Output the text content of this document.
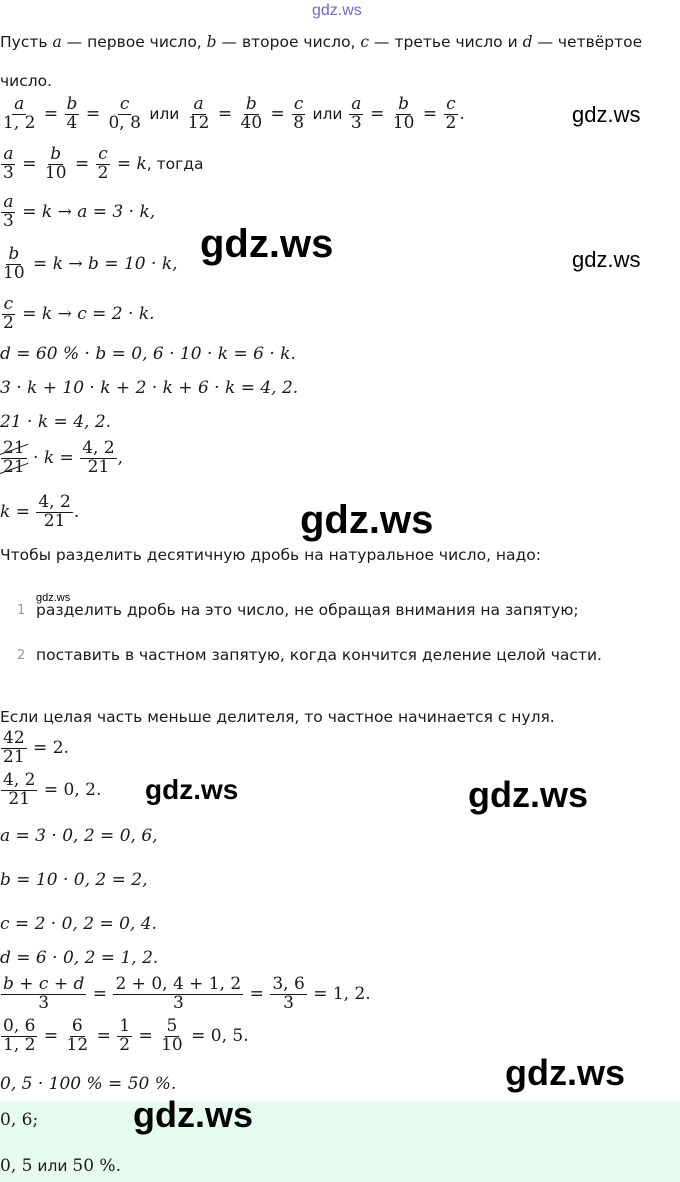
gdz.ws
Пусть a — первое число, b — второе число, c — третье число и d — четвёртое
число.
$\frac{a}{1, 2} = \frac{b}{4} = \frac{c}{0, 8}$ или $\frac{a}{12} = \frac{b}{40} = \frac{c}{8}$ или $\frac{a}{3} = \frac{b}{10} = \frac{c}{2}$ .	gdz.ws
$\frac{a}{3} = \frac{b}{10} = \frac{c}{2} = k$, тогда
$\frac{a}{3} = k \to a = 3 \cdot k$,
gdz.ws	gdz.ws
$\frac{b}{10} = k \to b = 10 \cdot k$,
$\frac{c}{2} = k \to c = 2 \cdot k$.
d = 60 % · b = 0, 6 · 10 · k = 6 · k.
3 · k + 10 · k + 2 · k + 6 · k = 4, 2.
21 · k = 4, 2.
$\frac{21}{21} \cdot k = \frac{4, 2}{21}$ ,
$k = \frac{4, 2}{21}$ .	gdz.ws
Чтобы разделить десятичную дробь на натуральное число, надо:
gdz.ws
1 разделить дробь на это число, не обращая внимания на запятую;
2 поставить в частном запятую, когда кончится деление целой части.
Если целая часть меньше делителя, то частное начинается с нуля.
$\frac{42}{21} = 2$.
$\frac{4, 2}{21} = 0$, 2. gdz.ws	gdz.ws
a = 3 · 0, 2 = 0, 6,
b = 10 · 0, 2 = 2,
c = 2 · 0, 2 = 0, 4.
d = 6 · 0, 2 = 1, 2.
$\frac{b + c + d}{3} = \frac{2 + 0, 4 + 1, 2}{3} = \frac{3, 6}{3} = 1$, 2.
$\frac{0, 6}{1, 2} = \frac{6}{12} = \frac{1}{2} = \frac{5}{10} = 0$, 5.
gdz.ws
0, 5 · 100 % = 50 %.
0, 6;	gdz.ws
0, 5 или 50 %.
